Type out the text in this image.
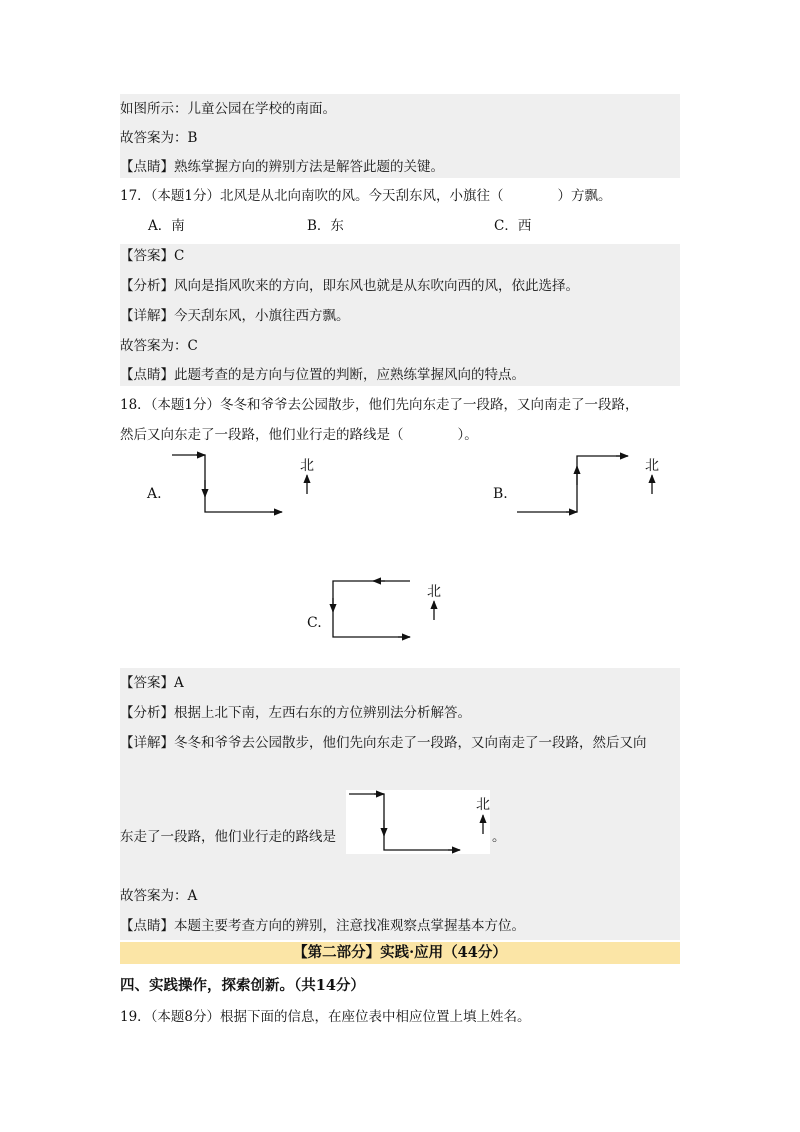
如图所示：儿童公园在学校的南面。
故答案为：B
【点睛】熟练掌握方向的辨别方法是解答此题的关键。
17．（本题1分）北风是从北向南吹的风。今天刮东风，小旗往（　　　　）方飘。
A．南	B．东	C．西
【答案】C
【分析】风向是指风吹来的方向，即东风也就是从东吹向西的风，依此选择。
【详解】今天刮东风，小旗往西方飘。
故答案为：C
【点睛】此题考查的是方向与位置的判断，应熟练掌握风向的特点。
18．（本题1分）冬冬和爷爷去公园散步，他们先向东走了一段路，又向南走了一段路，
然后又向东走了一段路，他们业行走的路线是（　　　　）。
A.
北
B.
北
C.
北
【答案】A
【分析】根据上北下南，左西右东的方位辨别法分析解答。
【详解】冬冬和爷爷去公园散步，他们先向东走了一段路，又向南走了一段路，然后又向
东走了一段路，他们业行走的路线是
北
。
故答案为：A
【点睛】本题主要考查方向的辨别，注意找准观察点掌握基本方位。
【第二部分】实践·应用（44分）
四、实践操作，探索创新。（共14分）
19．（本题8分）根据下面的信息，在座位表中相应位置上填上姓名。
